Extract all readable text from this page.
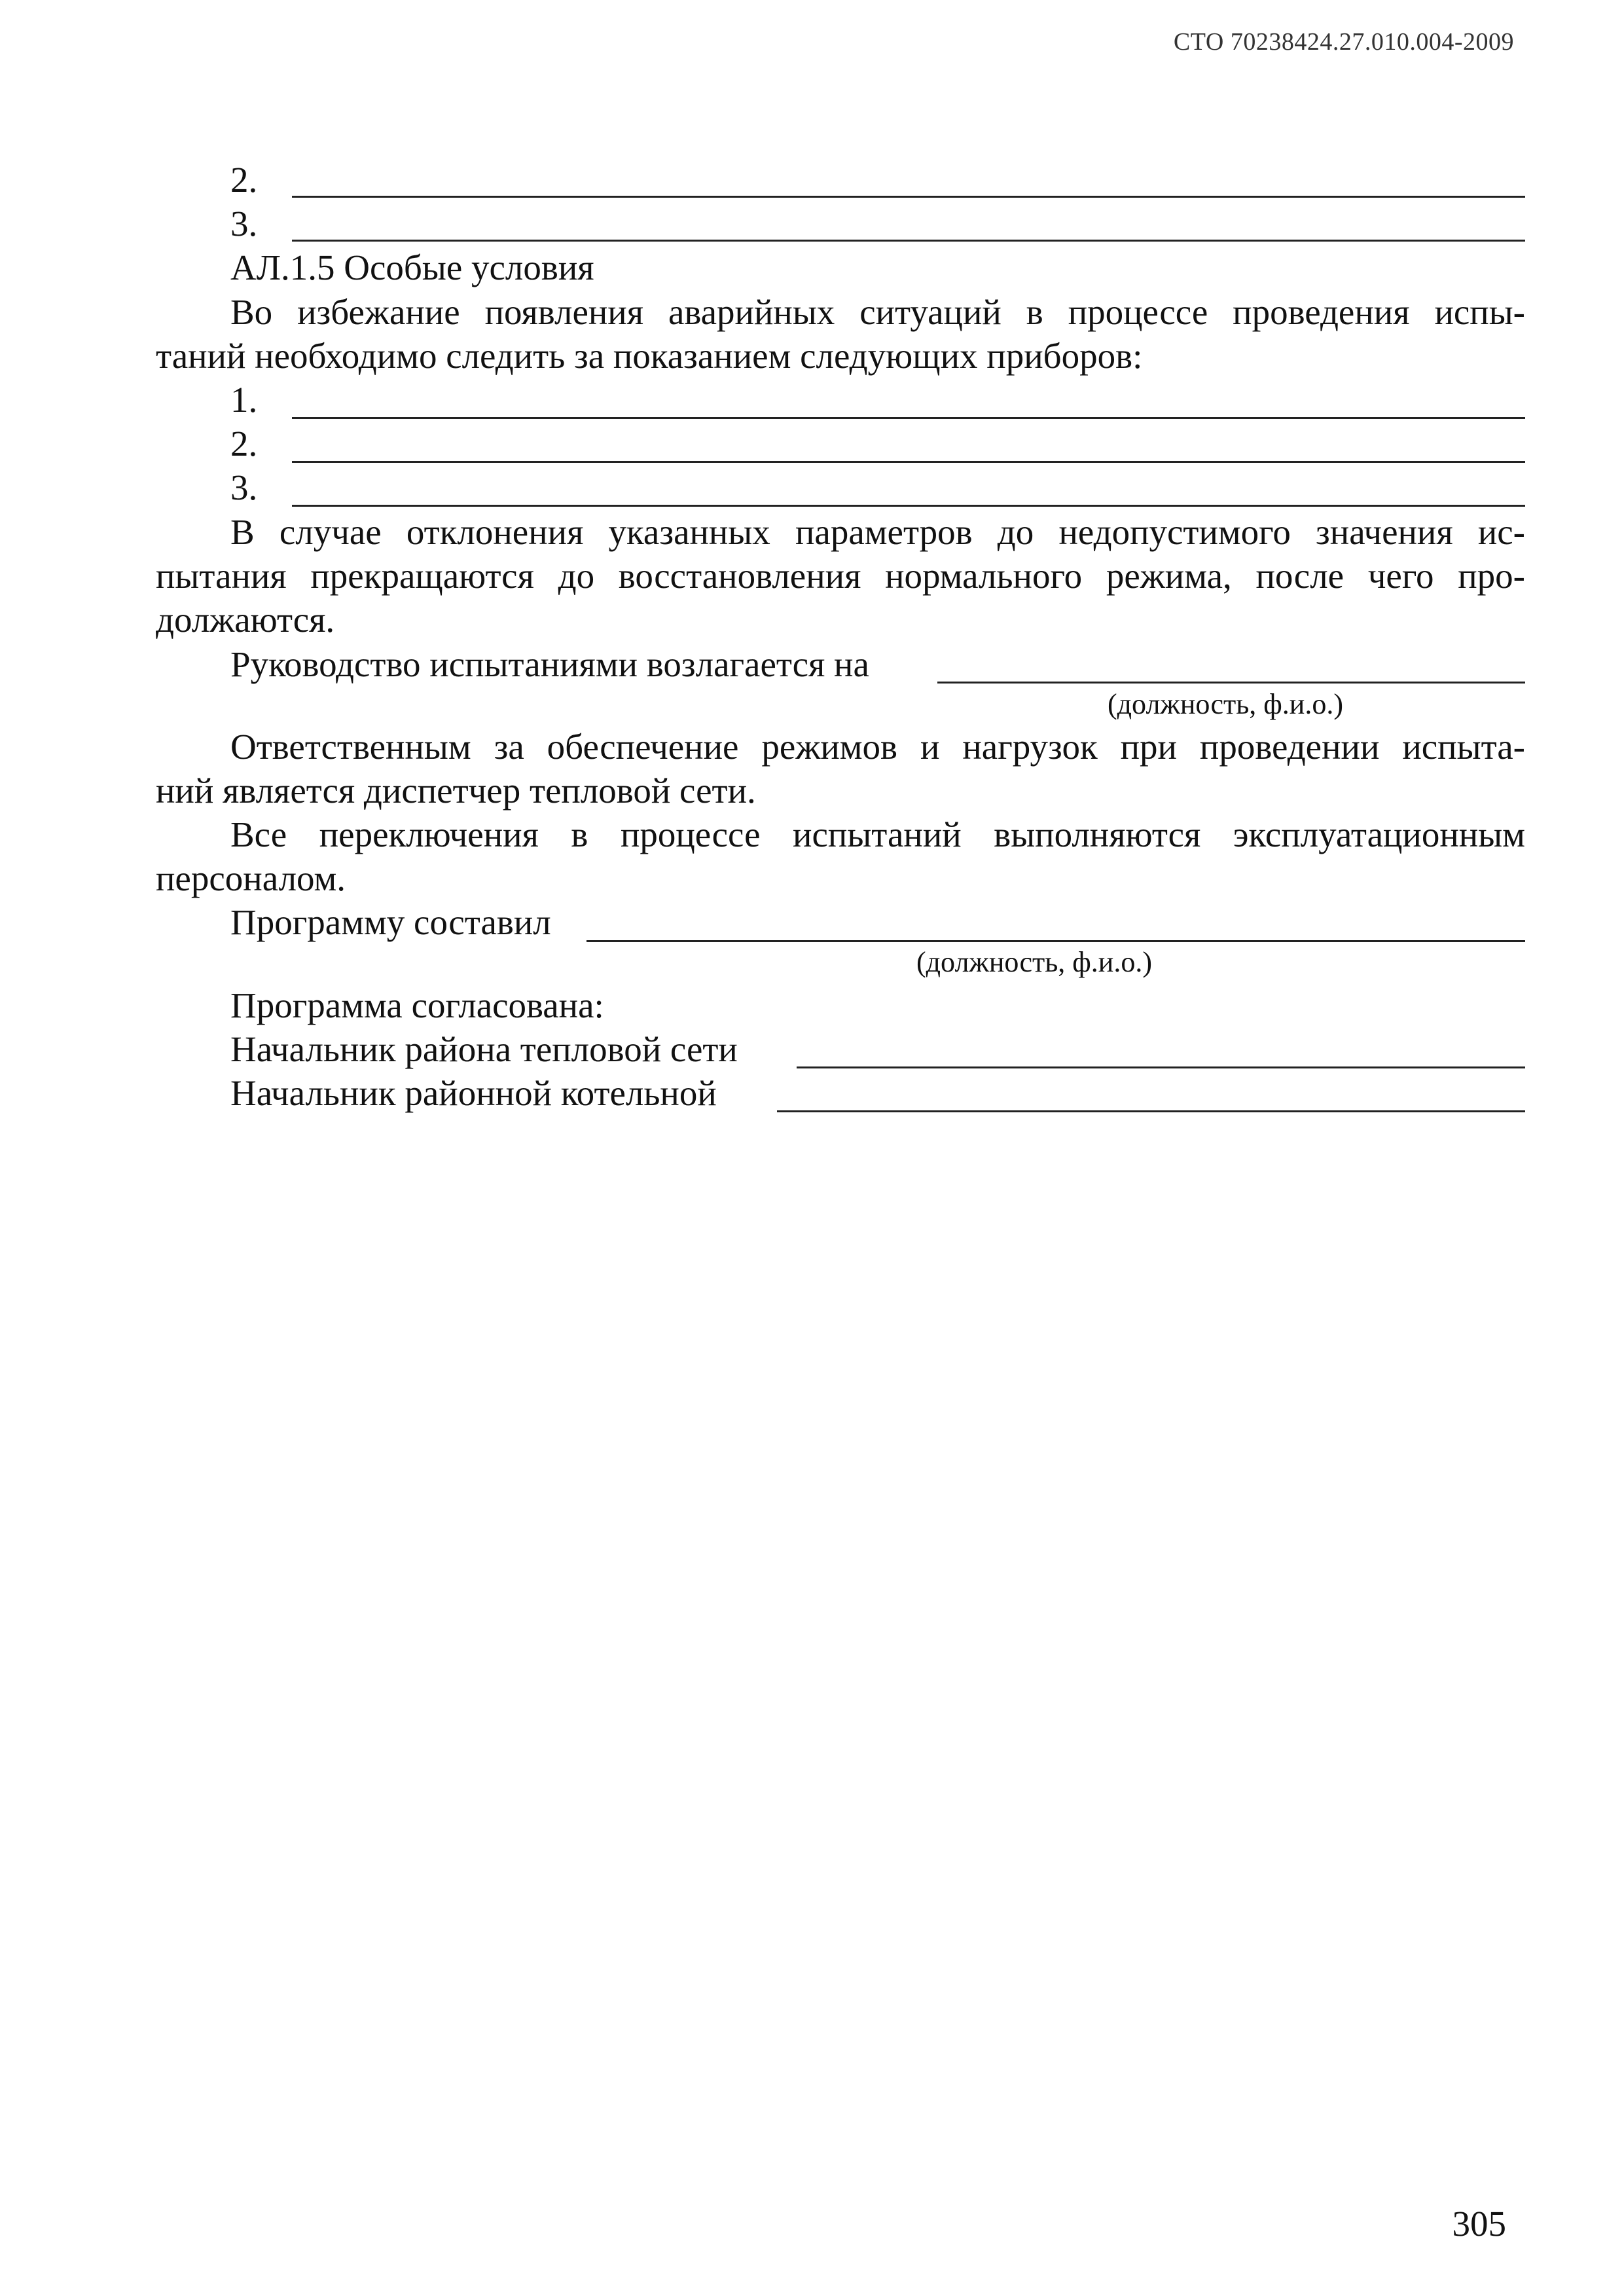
СТО 70238424.27.010.004-2009
2.
3.
АЛ.1.5 Особые условия
Во избежание появления аварийных ситуаций в процессе проведения испы-
таний необходимо следить за показанием следующих приборов:
1.
2.
3.
В случае отклонения указанных параметров до недопустимого значения ис-
пытания прекращаются до восстановления нормального режима, после чего про-
должаются.
Руководство испытаниями возлагается на
(должность, ф.и.о.)
Ответственным за обеспечение режимов и нагрузок при проведении испыта-
ний является диспетчер тепловой сети.
Все переключения в процессе испытаний выполняются эксплуатационным
персоналом.
Программу составил
(должность, ф.и.о.)
Программа согласована:
Начальник района тепловой сети
Начальник районной котельной
305
